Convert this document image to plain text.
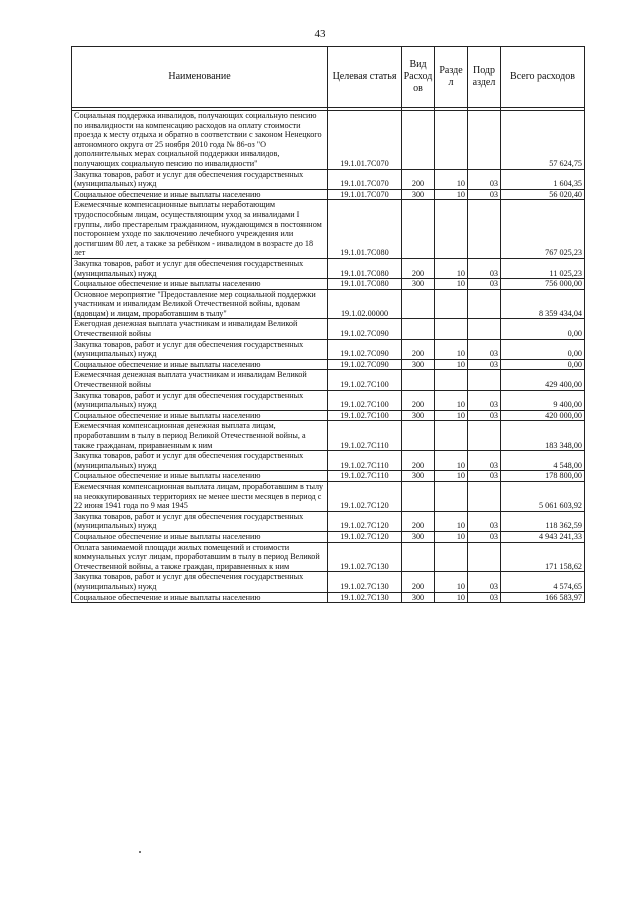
43
Наименование	Целевая статья	Вид Расход ов	Разде л	Подр аздел	Всего расходов

Социальная поддержка инвалидов, получающих социальную пенсию по инвалидности на компенсацию расходов на оплату стоимости проезда к месту отдыха и обратно в соответствии с законом Ненецкого автономного округа от 25 ноября 2010 года № 86-оз "О дополнительных мерах социальной поддержки инвалидов, получающих социальную пенсию по инвалидности"	19.1.01.7С070				57 624,75
Закупка товаров, работ и услуг для обеспечения государственных (муниципальных) нужд	19.1.01.7С070	200	10	03	1 604,35
Социальное обеспечение и иные выплаты населению	19.1.01.7С070	300	10	03	56 020,40
Ежемесячные компенсационные выплаты неработающим трудоспособным лицам, осуществляющим уход за инвалидами I группы, либо престарелым гражданином, нуждающимся в постоянном постороннем уходе по заключению лечебного учреждения или достигшим 80 лет, а также за ребёнком - инвалидом в возрасте до 18 лет	19.1.01.7С080				767 025,23
Закупка товаров, работ и услуг для обеспечения государственных (муниципальных) нужд	19.1.01.7С080	200	10	03	11 025,23
Социальное обеспечение и иные выплаты населению	19.1.01.7С080	300	10	03	756 000,00
Основное мероприятие "Предоставление мер социальной поддержки участникам и инвалидам Великой Отечественной войны, вдовам (вдовцам) и лицам, проработавшим в тылу"	19.1.02.00000				8 359 434,04
Ежегодная денежная выплата участникам и инвалидам Великой Отечественной войны	19.1.02.7С090				0,00
Закупка товаров, работ и услуг для обеспечения государственных (муниципальных) нужд	19.1.02.7С090	200	10	03	0,00
Социальное обеспечение и иные выплаты населению	19.1.02.7С090	300	10	03	0,00
Ежемесячная денежная выплата участникам и инвалидам Великой Отечественной войны	19.1.02.7С100				429 400,00
Закупка товаров, работ и услуг для обеспечения государственных (муниципальных) нужд	19.1.02.7С100	200	10	03	9 400,00
Социальное обеспечение и иные выплаты населению	19.1.02.7С100	300	10	03	420 000,00
Ежемесячная компенсационная денежная выплата лицам, проработавшим в тылу в период Великой Отечественной войны, а также гражданам, приравненным к ним	19.1.02.7С110				183 348,00
Закупка товаров, работ и услуг для обеспечения государственных (муниципальных) нужд	19.1.02.7С110	200	10	03	4 548,00
Социальное обеспечение и иные выплаты населению	19.1.02.7С110	300	10	03	178 800,00
Ежемесячная компенсационная выплата лицам, проработавшим в тылу на неоккупированных территориях не менее шести месяцев в период с 22 июня 1941 года по 9 мая 1945	19.1.02.7С120				5 061 603,92
Закупка товаров, работ и услуг для обеспечения государственных (муниципальных) нужд	19.1.02.7С120	200	10	03	118 362,59
Социальное обеспечение и иные выплаты населению	19.1.02.7С120	300	10	03	4 943 241,33
Оплата занимаемой площади жилых помещений и стоимости коммунальных услуг лицам, проработавшим в тылу в период Великой Отечественной войны, а также граждан, приравненных к ним	19.1.02.7С130				171 158,62
Закупка товаров, работ и услуг для обеспечения государственных (муниципальных) нужд	19.1.02.7С130	200	10	03	4 574,65
Социальное обеспечение и иные выплаты населению	19.1.02.7С130	300	10	03	166 583,97
